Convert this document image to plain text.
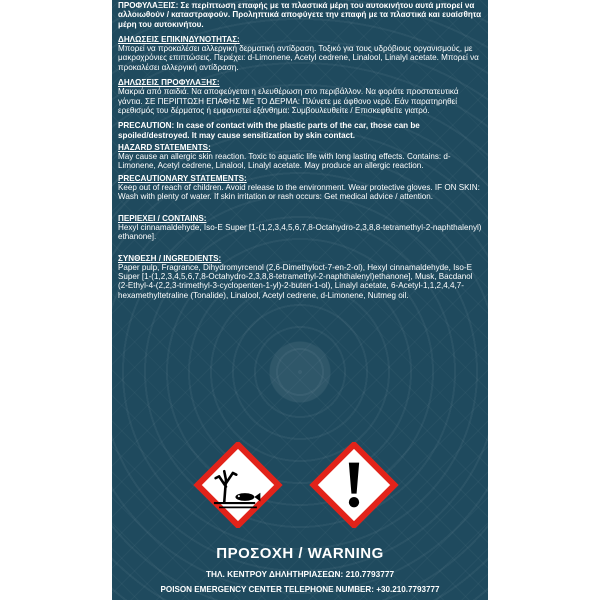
ΠΡΟΦΥΛΑΞΕΙΣ: Σε περίπτωση επαφής με τα πλαστικά μέρη του αυτοκινήτου αυτά μπορεί να αλλοιωθούν / καταστραφούν. Προληπτικά αποφύγετε την επαφή με τα πλαστικά και ευαίσθητα μέρη του αυτοκινήτου.

ΔΗΛΩΣΕΙΣ ΕΠΙΚΙΝΔΥΝΟΤΗΤΑΣ:
Μπορεί να προκαλέσει αλλεργική δερματική αντίδραση. Τοξικό για τους υδρόβιους οργανισμούς, με μακροχρόνιες επιπτώσεις. Περιέχει: d-Limonene, Acetyl cedrene, Linalool, Linalyl acetate. Μπορεί να προκαλέσει αλλεργική αντίδραση.

ΔΗΛΩΣΕΙΣ ΠΡΟΦΥΛΑΞΗΣ:
Μακριά από παιδιά. Να αποφεύγεται η ελευθέρωση στο περιβάλλον. Να φοράτε προστατευτικά γάντια. ΣΕ ΠΕΡΙΠΤΩΣΗ ΕΠΑΦΗΣ ΜΕ ΤΟ ΔΕΡΜΑ: Πλύνετε με άφθονο νερό. Εάν παρατηρηθεί ερεθισμός του δέρματος ή εμφανιστεί εξάνθημα: Συμβουλευθείτε / Επισκεφθείτε γιατρό.

PRECAUTION: In case of contact with the plastic parts of the car, those can be spoiled/destroyed. It may cause sensitization by skin contact.

HAZARD STATEMENTS:
May cause an allergic skin reaction. Toxic to aquatic life with long lasting effects. Contains: d-Limonene, Acetyl cedrene, Linalool, Linalyl acetate. May produce an allergic reaction.

PRECAUTIONARY STATEMENTS:
Keep out of reach of children. Avoid release to the environment. Wear protective gloves. IF ON SKIN: Wash with plenty of water. If skin irritation or rash occurs: Get medical advice / attention.

ΠΕΡΙΕΧΕΙ / CONTAINS:
Hexyl cinnamaldehyde, Iso-E Super [1-(1,2,3,4,5,6,7,8-Octahydro-2,3,8,8-tetramethyl-2-naphthalenyl) ethanone].

ΣΥΝΘΕΣΗ / INGREDIENTS:
Paper pulp, Fragrance, Dihydromyrcenol (2,6-Dimethyloct-7-en-2-ol), Hexyl cinnamaldehyde, Iso-E Super [1-(1,2,3,4,5,6,7,8-Octahydro-2,3,8,8-tetramethyl-2-naphthalenyl)ethanone], Musk, Bacdanol (2-Ethyl-4-(2,2,3-trimethyl-3-cyclopenten-1-yl)-2-buten-1-ol), Linalyl acetate, 6-Acetyl-1,1,2,4,4,7-hexamethyltetraline (Tonalide), Linalool, Acetyl cedrene, d-Limonene, Nutmeg oil.

ΠΡΟΣΟΧΗ / WARNING
ΤΗΛ. ΚΕΝΤΡΟΥ ΔΗΛΗΤΗΡΙΑΣΕΩΝ: 210.7793777
POISON EMERGENCY CENTER TELEPHONE NUMBER: +30.210.7793777
